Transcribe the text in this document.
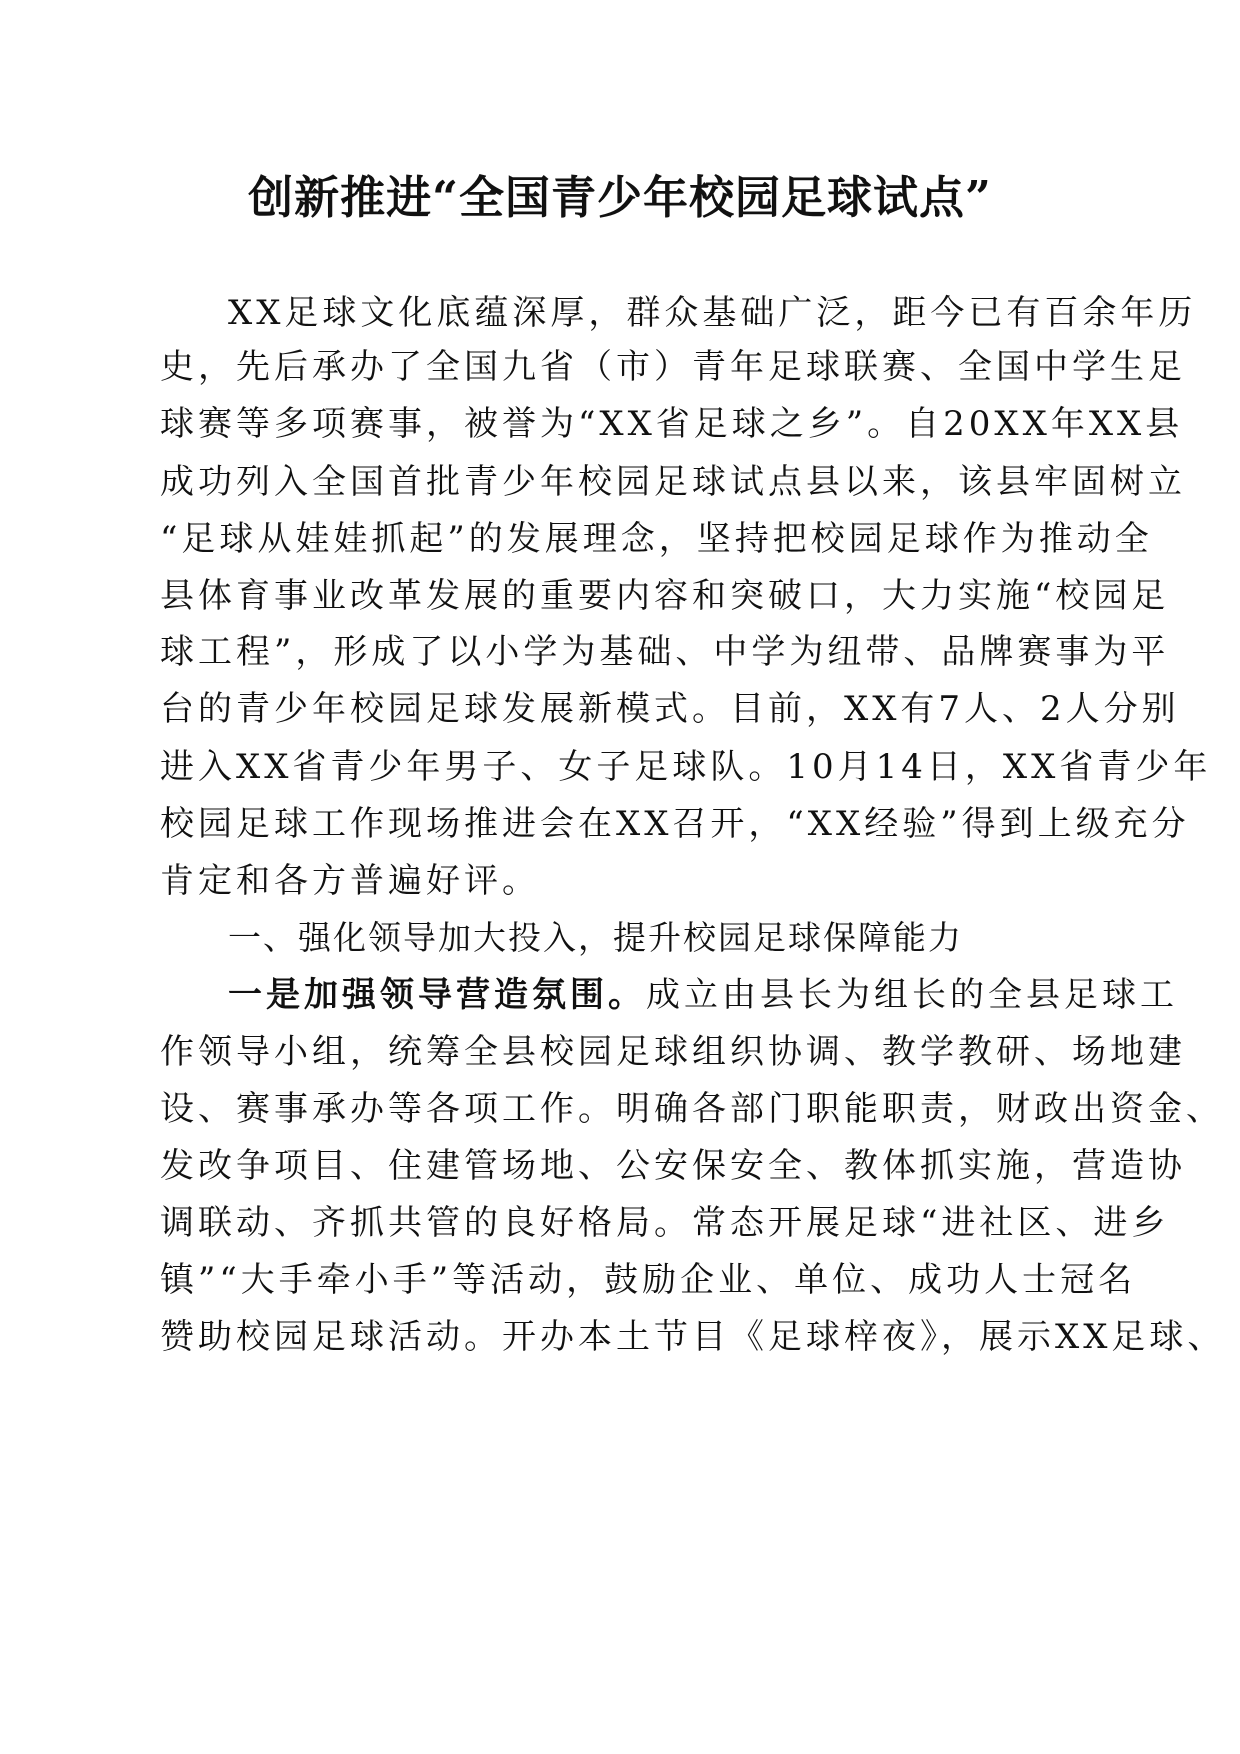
创新推进“全国青少年校园足球试点”
XX足球文化底蕴深厚，群众基础广泛，距今已有百余年历
史，先后承办了全国九省（市）青年足球联赛、全国中学生足
球赛等多项赛事，被誉为“XX省足球之乡”。自20XX年XX县
成功列入全国首批青少年校园足球试点县以来，该县牢固树立
“足球从娃娃抓起”的发展理念，坚持把校园足球作为推动全
县体育事业改革发展的重要内容和突破口，大力实施“校园足
球工程”，形成了以小学为基础、中学为纽带、品牌赛事为平
台的青少年校园足球发展新模式。目前，XX有7人、2人分别
进入XX省青少年男子、女子足球队。10月14日，XX省青少年
校园足球工作现场推进会在XX召开，“XX经验”得到上级充分
肯定和各方普遍好评。
一、强化领导加大投入，提升校园足球保障能力
一是加强领导营造氛围。成立由县长为组长的全县足球工
作领导小组，统筹全县校园足球组织协调、教学教研、场地建
设、赛事承办等各项工作。明确各部门职能职责，财政出资金、
发改争项目、住建管场地、公安保安全、教体抓实施，营造协
调联动、齐抓共管的良好格局。常态开展足球“进社区、进乡
镇”“大手牵小手”等活动，鼓励企业、单位、成功人士冠名
赞助校园足球活动。开办本土节目《足球梓夜》，展示XX足球、
